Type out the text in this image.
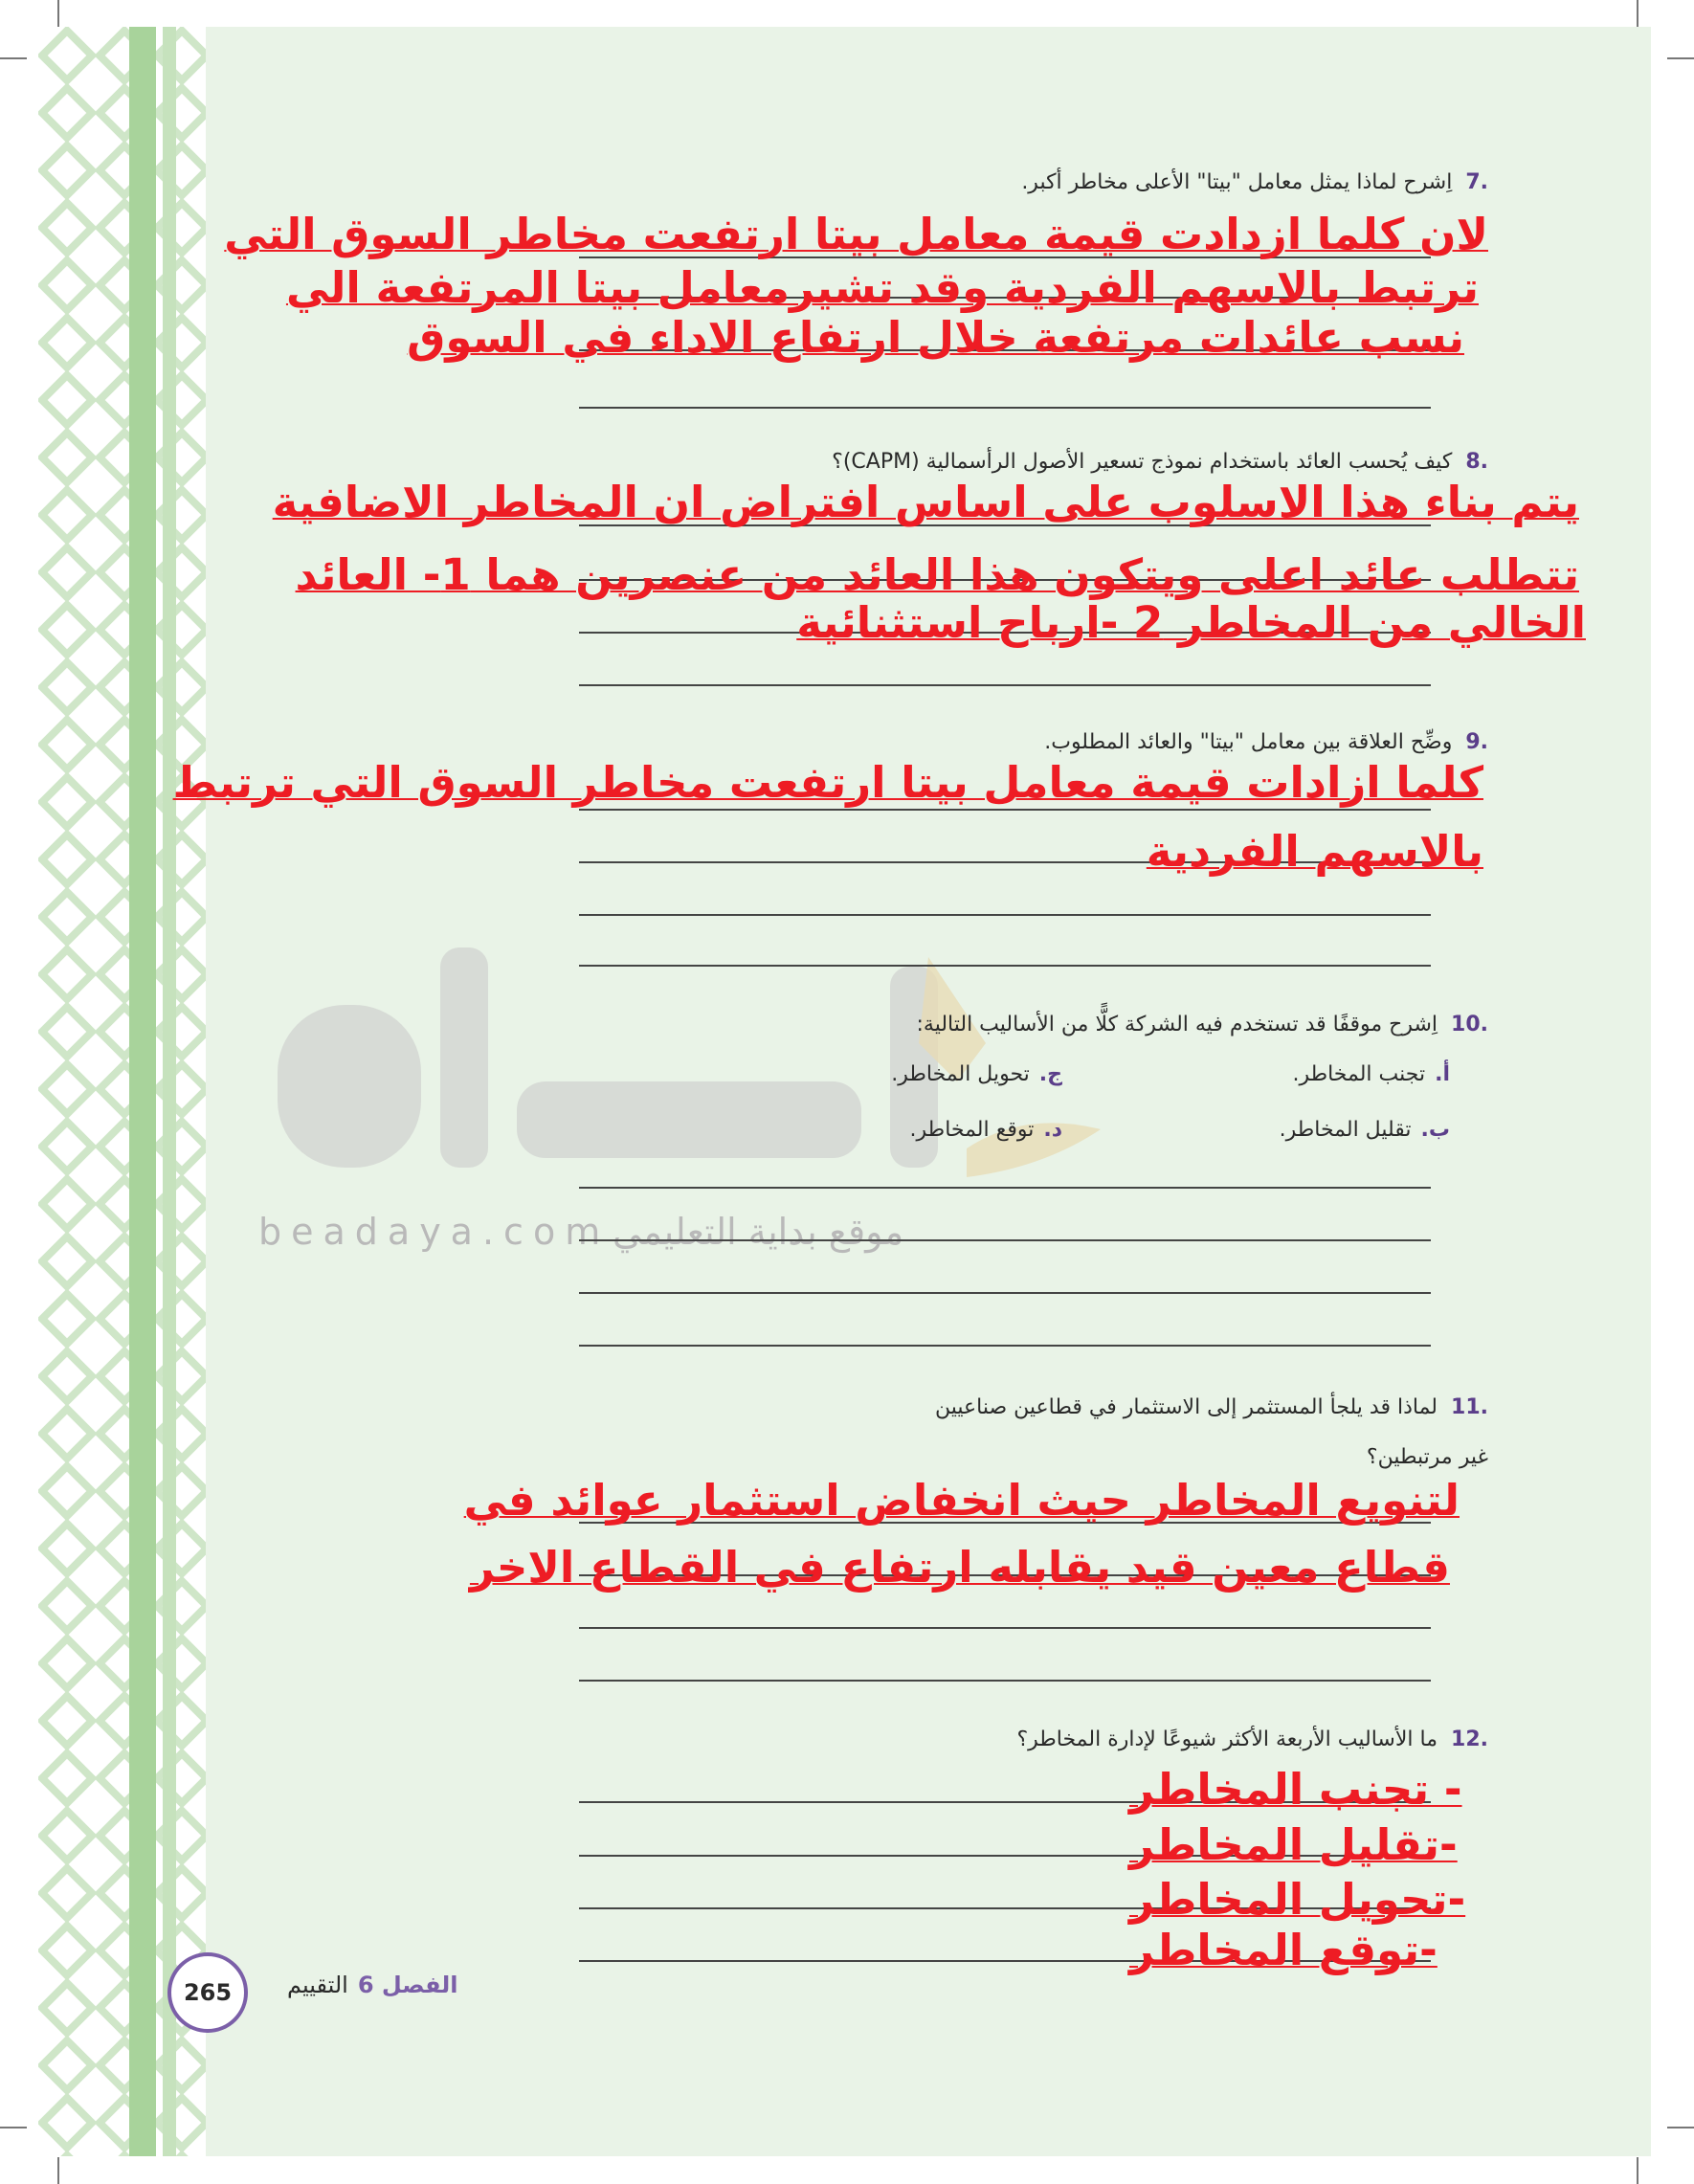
beadaya.com موقع بداية التعليمي
.7اِشرح لماذا يمثل معامل "بيتا" الأعلى مخاطر أكبر.
لان كلما ازدادت قيمة معامل بيتا ارتفعت مخاطر السوق التي
ترتبط بالاسهم الفردية وقد تشيرمعامل بيتا المرتفعة الي
نسب عائدات مرتفعة خلال ارتفاع الاداء في السوق
.8كيف يُحسب العائد باستخدام نموذج تسعير الأصول الرأسمالية (CAPM)؟
يتم بناء هذا الاسلوب على اساس افتراض ان المخاطر الاضافية
تتطلب عائد اعلى ويتكون هذا العائد من عنصرين هما 1- العائد
الخالي من المخاطر 2 -ارباح استثنائية
.9وضِّح العلاقة بين معامل "بيتا" والعائد المطلوب.
كلما ازادات قيمة معامل بيتا ارتفعت مخاطر السوق التي ترتبط
بالاسهم الفردية
.10اِشرح موقفًا قد تستخدم فيه الشركة كلًّا من الأساليب التالية:
أ.تجنب المخاطر.
ج.تحويل المخاطر.
ب.تقليل المخاطر.
د.توقع المخاطر.
.11لماذا قد يلجأ المستثمر إلى الاستثمار في قطاعين صناعيين
غير مرتبطين؟
لتنويع المخاطر حيث انخفاض استثمار عوائد في
قطاع معين قيد يقابله ارتفاع في القطاع الاخر
.12ما الأساليب الأربعة الأكثر شيوعًا لإدارة المخاطر؟
- تجنب المخاطر
-تقليل المخاطر
-تحويل المخاطر
-توقع المخاطر
265	الفصل 6التقييم
